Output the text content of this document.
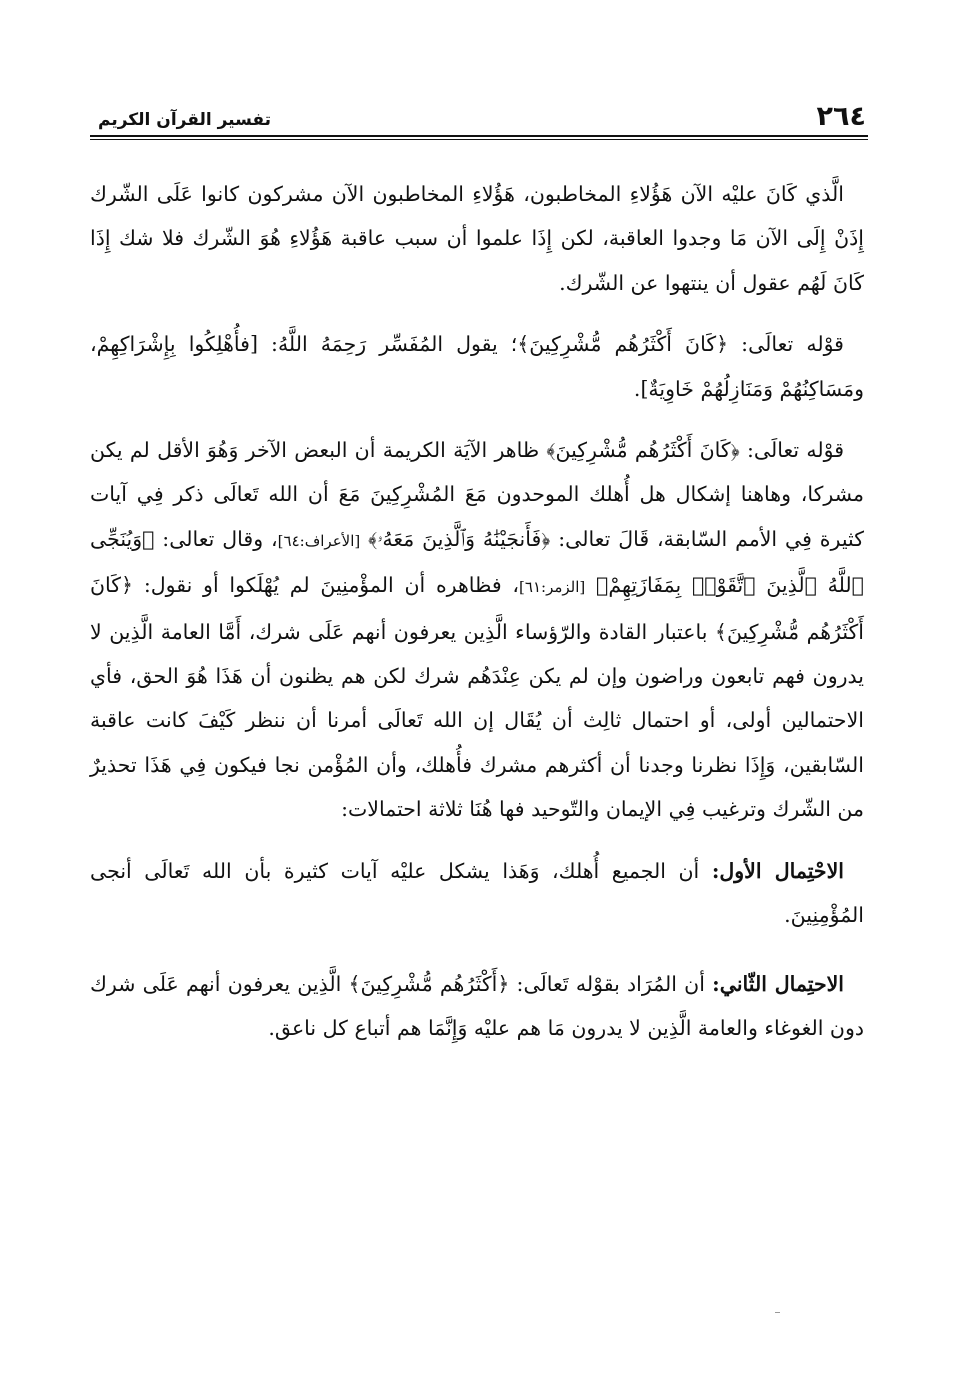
٢٦٤
تفسير القرآن الكريم

الَّذي كَانَ عليْه الآن هَؤُلاءِ المخاطبون، هَؤُلاءِ المخاطبون الآن مشركون كانوا عَلَى الشّرك إِذَنْ إِلَى الآن مَا وجدوا العاقبة، لكن إِذَا علموا أن سبب عاقبة هَؤُلاءِ هُوَ الشّرك فلا شك إِذَا كَانَ لَهُم عقول أن ينتهوا عن الشّرك.

قوْله تعالَى: ﴿كَانَ أَكْثَرُهُم مُّشْرِكِينَ﴾؛ يقول المُفَسِّر رَحِمَهُ اللَّهُ: [فأُهْلِكُوا بِإِشْرَاكِهِمْ، ومَسَاكِنُهُمْ وَمَنَازِلُهُمْ خَاوِيَةٌ].

قوْله تعالَى: ﴿كَانَ أَكْثَرُهُم مُّشْرِكِينَ﴾ ظاهر الآيَة الكريمة أن البعض الآخر وَهُوَ الأقل لم يكن مشركا، وهاهنا إشكال هل أُهلك الموحدون مَعَ المُشْرِكِينَ مَعَ أن الله تَعالَى ذكر فِي آيات كثيرة فِي الأمم السّابقة، قَالَ تعالى: ﴿فَأَنجَيْنَٰهُ وَٱلَّذِينَ مَعَهُۥ﴾ [الأعراف:٦٤]، وقال تعالى: ﴿وَيُنَجِّى ٱللَّهُ ٱلَّذِينَ ٱتَّقَوْا۟ بِمَفَازَتِهِمْ﴾ [الزمر:٦١]، فظاهره أن المؤْمنِينَ لم يُهْلَكوا أو نقول: ﴿كَانَ أَكْثَرُهُم مُّشْرِكِينَ﴾ باعتبار القادة والرّؤساء الَّذِين يعرفون أنهم عَلَى شرك، أَمَّا العامة الَّذِين لا يدرون فهم تابعون وراضون وإن لم يكن عِنْدَهُم شرك لكن هم يظنون أن هَذَا هُوَ الحق، فأي الاحتمالين أولى، أو احتمال ثالِث أن يُقَال إن الله تَعالَى أمرنا أن ننظر كَيْفَ كانت عاقبة السّابقين، وَإِذَا نظرنا وجدنا أن أكثرهم مشرك فأُهلك، وأن المُؤْمن نجا فيكون فِي هَذَا تحذيرٌ من الشّرك وترغيب فِي الإيمان والتّوحيد فها هُنَا ثلاثة احتمالات:

الاحْتِمال الأول: أن الجميع أُهلك، وَهَذا يشكل عليْه آيات كثيرة بأن الله تَعالَى أنجى المُؤْمِنِينَ.

الاحتِمال الثّاني: أن المُرَاد بقوْله تَعالَى: ﴿أَكْثَرُهُم مُّشْرِكِينَ﴾ الَّذِين يعرفون أنهم عَلَى شرك دون الغوغاء والعامة الَّذِين لا يدرون مَا هم عليْه وَإِنَّمَا هم أتباع كل ناعق.
